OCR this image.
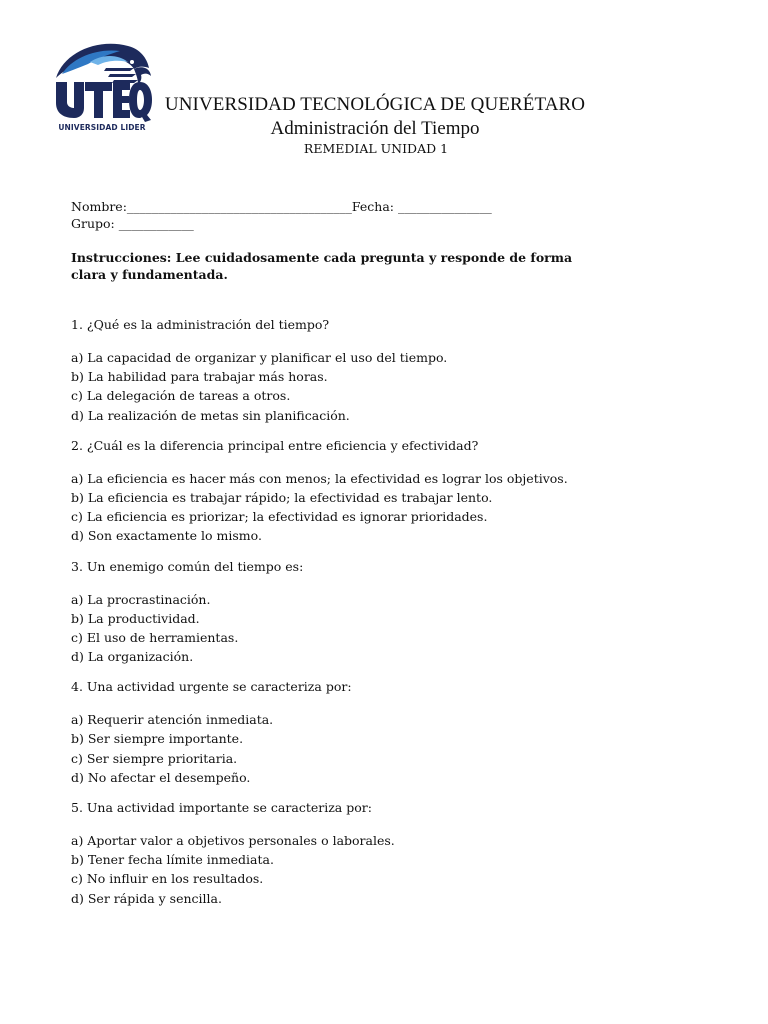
UNIVERSIDAD LIDER
UNIVERSIDAD TECNOLÓGICA DE QUERÉTARO
Administración del Tiempo
REMEDIAL UNIDAD 1
Nombre:____________________________________Fecha: _______________
Grupo: ____________
Instrucciones: Lee cuidadosamente cada pregunta y responde de forma clara y fundamentada.
1. ¿Qué es la administración del tiempo?
a) La capacidad de organizar y planificar el uso del tiempo.
b) La habilidad para trabajar más horas.
c) La delegación de tareas a otros.
d) La realización de metas sin planificación.
2. ¿Cuál es la diferencia principal entre eficiencia y efectividad?
a) La eficiencia es hacer más con menos; la efectividad es lograr los objetivos.
b) La eficiencia es trabajar rápido; la efectividad es trabajar lento.
c) La eficiencia es priorizar; la efectividad es ignorar prioridades.
d) Son exactamente lo mismo.
3. Un enemigo común del tiempo es:
a) La procrastinación.
b) La productividad.
c) El uso de herramientas.
d) La organización.
4. Una actividad urgente se caracteriza por:
a) Requerir atención inmediata.
b) Ser siempre importante.
c) Ser siempre prioritaria.
d) No afectar el desempeño.
5. Una actividad importante se caracteriza por:
a) Aportar valor a objetivos personales o laborales.
b) Tener fecha límite inmediata.
c) No influir en los resultados.
d) Ser rápida y sencilla.
